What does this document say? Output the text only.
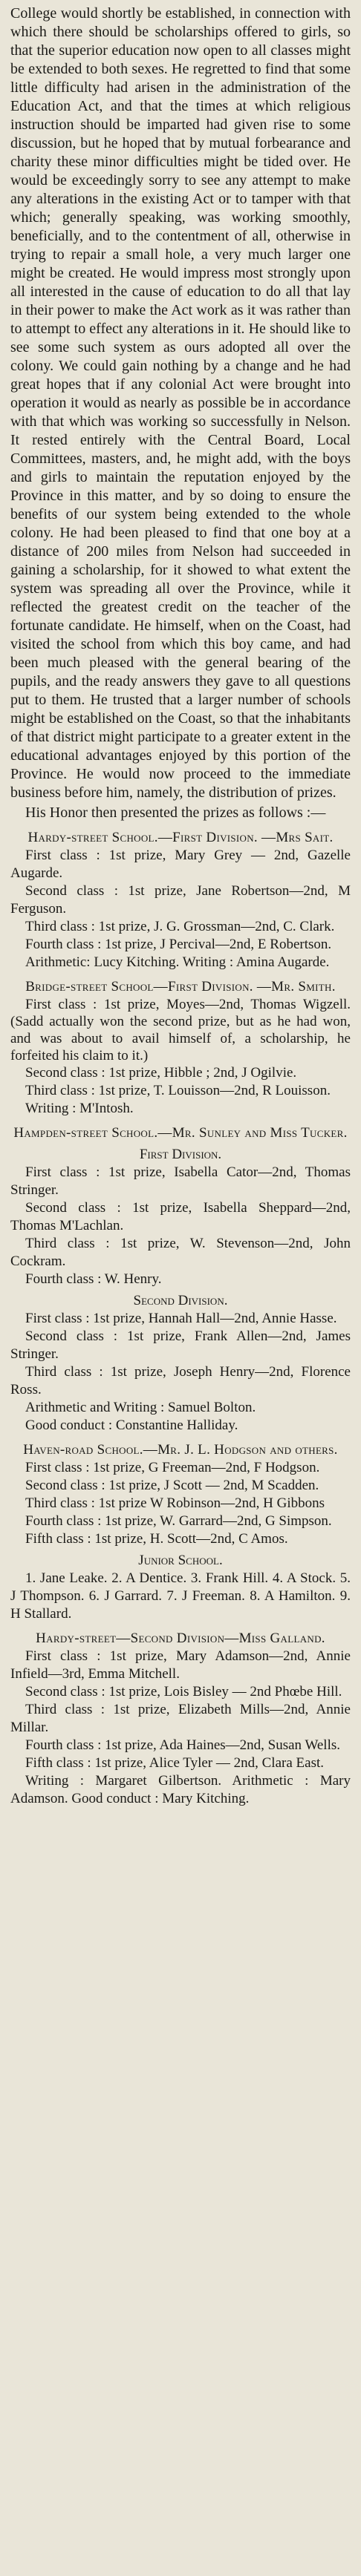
College would shortly be established, in connection with which there should be scholarships offered to girls, so that the superior education now open to all classes might be extended to both sexes. He regretted to find that some little difficulty had arisen in the administration of the Education Act, and that the times at which religious instruction should be imparted had given rise to some discussion, but he hoped that by mutual forbearance and charity these minor difficulties might be tided over. He would be exceedingly sorry to see any attempt to make any alterations in the existing Act or to tamper with that which; generally speaking, was working smoothly, beneficially, and to the contentment of all, otherwise in trying to repair a small hole, a very much larger one might be created. He would impress most strongly upon all interested in the cause of education to do all that lay in their power to make the Act work as it was rather than to attempt to effect any alterations in it. He should like to see some such system as ours adopted all over the colony. We could gain nothing by a change and he had great hopes that if any colonial Act were brought into operation it would as nearly as possible be in accordance with that which was working so successfully in Nelson. It rested entirely with the Central Board, Local Committees, masters, and, he might add, with the boys and girls to maintain the reputation enjoyed by the Province in this matter, and by so doing to ensure the benefits of our system being extended to the whole colony. He had been pleased to find that one boy at a distance of 200 miles from Nelson had succeeded in gaining a scholarship, for it showed to what extent the system was spreading all over the Province, while it reflected the greatest credit on the teacher of the fortunate candidate. He himself, when on the Coast, had visited the school from which this boy came, and had been much pleased with the general bearing of the pupils, and the ready answers they gave to all questions put to them. He trusted that a larger number of schools might be established on the Coast, so that the inhabitants of that district might participate to a greater extent in the educational advantages enjoyed by this portion of the Province. He would now proceed to the immediate business before him, namely, the distribution of prizes.

His Honor then presented the prizes as follows :—

Hardy-street School.—First Division. —Mrs Sait.

First class : 1st prize, Mary Grey — 2nd, Gazelle Augarde.

Second class : 1st prize, Jane Robertson—2nd, M Ferguson.

Third class : 1st prize, J. G. Grossman—2nd, C. Clark.

Fourth class : 1st prize, J Percival—2nd, E Robertson.

Arithmetic: Lucy Kitching. Writing : Amina Augarde.

Bridge-street School—First Division. —Mr. Smith.

First class : 1st prize, Moyes—2nd, Thomas Wigzell. (Sadd actually won the second prize, but as he had won, and was about to avail himself of, a scholarship, he forfeited his claim to it.)

Second class : 1st prize, Hibble ; 2nd, J Ogilvie.

Third class : 1st prize, T. Louisson—2nd, R Louisson.

Writing : M'Intosh.

Hampden-street School.—Mr. Sunley and Miss Tucker.

First Division.

First class : 1st prize, Isabella Cator—2nd, Thomas Stringer.

Second class : 1st prize, Isabella Sheppard—2nd, Thomas M'Lachlan.

Third class : 1st prize, W. Stevenson—2nd, John Cockram.

Fourth class : W. Henry.

Second Division.

First class : 1st prize, Hannah Hall—2nd, Annie Hasse.

Second class : 1st prize, Frank Allen—2nd, James Stringer.

Third class : 1st prize, Joseph Henry—2nd, Florence Ross.

Arithmetic and Writing : Samuel Bolton.

Good conduct : Constantine Halliday.

Haven-road School.—Mr. J. L. Hodgson and others.

First class : 1st prize, G Freeman—2nd, F Hodgson.

Second class : 1st prize, J Scott — 2nd, M Scadden.

Third class : 1st prize W Robinson—2nd, H Gibbons

Fourth class : 1st prize, W. Garrard—2nd, G Simpson.

Fifth class : 1st prize, H. Scott—2nd, C Amos.

Junior School.

1. Jane Leake. 2. A Dentice. 3. Frank Hill. 4. A Stock. 5. J Thompson. 6. J Garrard. 7. J Freeman. 8. A Hamilton. 9. H Stallard.

Hardy-street—Second Division—Miss Galland.

First class : 1st prize, Mary Adamson—2nd, Annie Infield—3rd, Emma Mitchell.

Second class : 1st prize, Lois Bisley — 2nd Phœbe Hill.

Third class : 1st prize, Elizabeth Mills—2nd, Annie Millar.

Fourth class : 1st prize, Ada Haines—2nd, Susan Wells.

Fifth class : 1st prize, Alice Tyler — 2nd, Clara East.

Writing : Margaret Gilbertson. Arithmetic : Mary Adamson. Good conduct : Mary Kitching.
